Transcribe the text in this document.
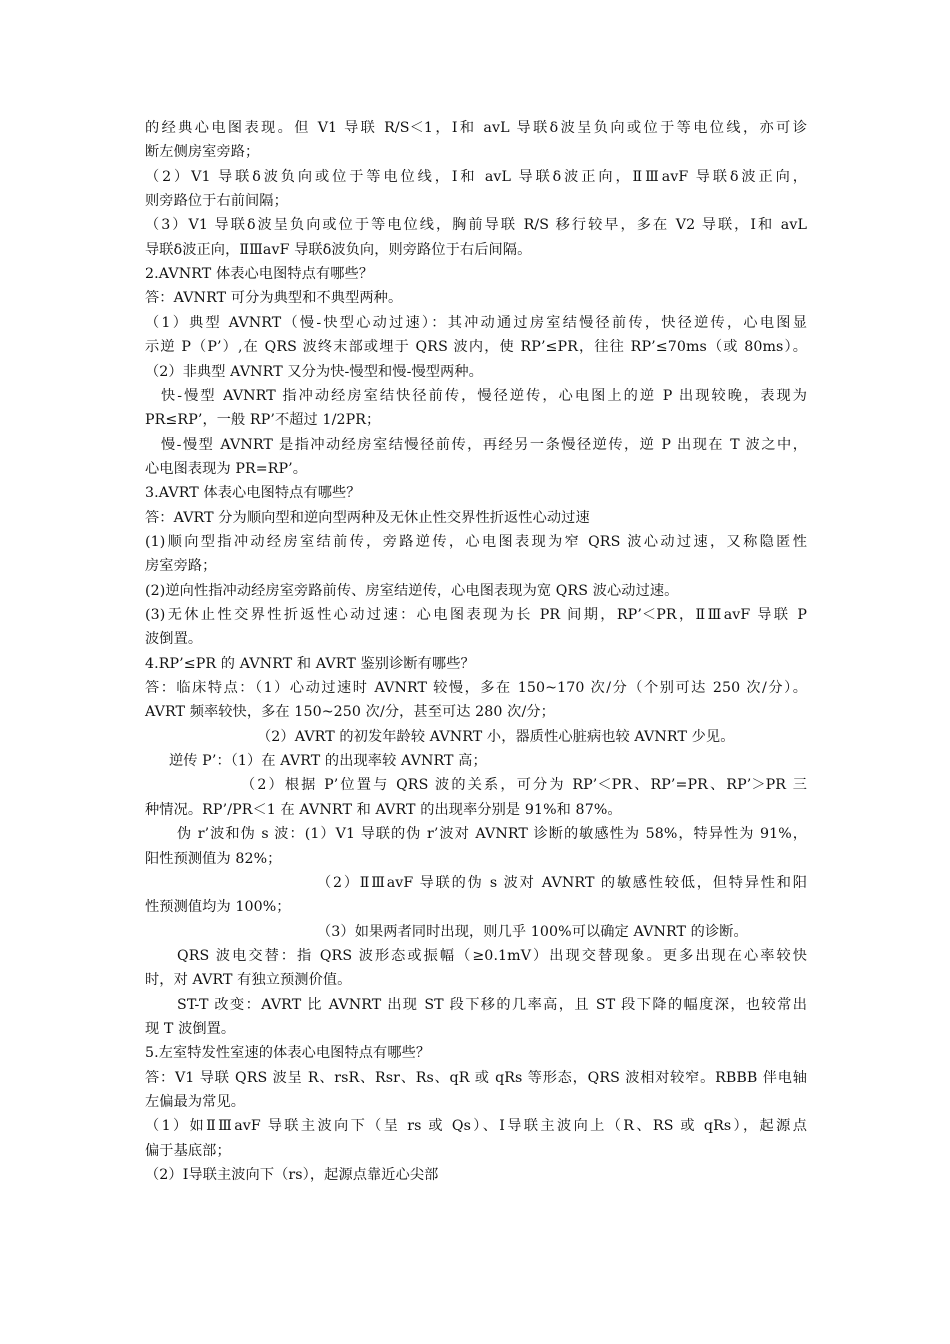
的经典心电图表现。但 V1 导联 R/S＜1，Ⅰ和 avL 导联δ波呈负向或位于等电位线，亦可诊
断左侧房室旁路；
（2）V1 导联δ波负向或位于等电位线，Ⅰ和 avL 导联δ波正向，ⅡⅢavF 导联δ波正向，
则旁路位于右前间隔；
（3）V1 导联δ波呈负向或位于等电位线，胸前导联 R/S 移行较早，多在 V2 导联，Ⅰ和 avL
导联δ波正向，ⅡⅢavF 导联δ波负向，则旁路位于右后间隔。
2.AVNRT 体表心电图特点有哪些？
答：AVNRT 可分为典型和不典型两种。
（1）典型 AVNRT（慢-快型心动过速）：其冲动通过房室结慢径前传，快径逆传，心电图显
示逆 P（P’）,在 QRS 波终末部或埋于 QRS 波内，使 RP’≤PR，往往 RP’≤70ms（或 80ms）。
（2）非典型 AVNRT 又分为快-慢型和慢-慢型两种。
快-慢型 AVNRT 指冲动经房室结快径前传，慢径逆传，心电图上的逆 P 出现较晚，表现为
PR≤RP’，一般 RP’不超过 1/2PR；
慢-慢型 AVNRT 是指冲动经房室结慢径前传，再经另一条慢径逆传，逆 P 出现在 T 波之中，
心电图表现为 PR=RP’。
3.AVRT 体表心电图特点有哪些？
答：AVRT 分为顺向型和逆向型两种及无休止性交界性折返性心动过速
(1)顺向型指冲动经房室结前传，旁路逆传，心电图表现为窄 QRS 波心动过速，又称隐匿性
房室旁路；
(2)逆向性指冲动经房室旁路前传、房室结逆传，心电图表现为宽 QRS 波心动过速。
(3)无休止性交界性折返性心动过速：心电图表现为长 PR 间期，RP’＜PR，ⅡⅢavF 导联 P
波倒置。
4.RP’≤PR 的 AVNRT 和 AVRT 鉴别诊断有哪些？
答：临床特点：（1）心动过速时 AVNRT 较慢，多在 150~170 次/分（个别可达 250 次/分）。
AVRT 频率较快，多在 150~250 次/分，甚至可达 280 次/分；
（2）AVRT 的初发年龄较 AVNRT 小，器质性心脏病也较 AVNRT 少见。
逆传 P’：（1）在 AVRT 的出现率较 AVNRT 高；
（2）根据 P’位置与 QRS 波的关系，可分为 RP’＜PR、RP’=PR、RP’＞PR 三
种情况。RP’/PR＜1 在 AVNRT 和 AVRT 的出现率分别是 91%和 87%。
伪 r’波和伪 s 波：(1）V1 导联的伪 r’波对 AVNRT 诊断的敏感性为 58%，特异性为 91%，
阳性预测值为 82%；
（2）ⅡⅢavF 导联的伪 s 波对 AVNRT 的敏感性较低，但特异性和阳
性预测值均为 100%；
（3）如果两者同时出现，则几乎 100%可以确定 AVNRT 的诊断。
QRS 波电交替：指 QRS 波形态或振幅（≥0.1mV）出现交替现象。更多出现在心率较快
时，对 AVRT 有独立预测价值。
ST-T 改变：AVRT 比 AVNRT 出现 ST 段下移的几率高，且 ST 段下降的幅度深，也较常出
现 T 波倒置。
5.左室特发性室速的体表心电图特点有哪些？
答：V1 导联 QRS 波呈 R、rsR、Rsr、Rs、qR 或 qRs 等形态，QRS 波相对较窄。RBBB 伴电轴
左偏最为常见。
（1）如ⅡⅢavF 导联主波向下（呈 rs 或 Qs）、Ⅰ导联主波向上（R、RS 或 qRs），起源点
偏于基底部；
（2）Ⅰ导联主波向下（rs），起源点靠近心尖部
